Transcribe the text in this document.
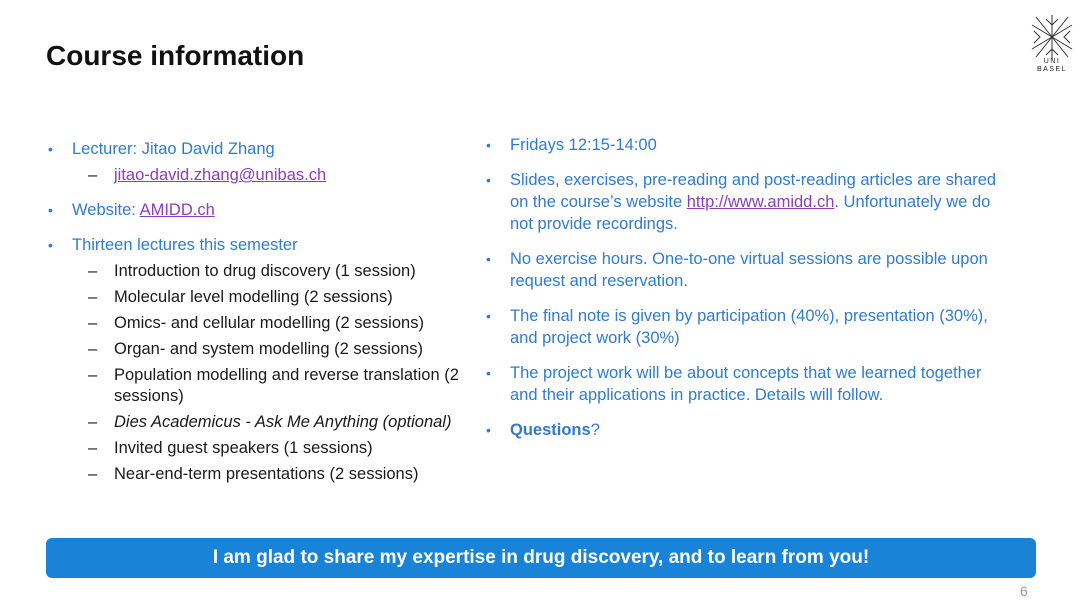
Course information	UNI
BASEL
• Lecturer: Jitao David Zhang
– jitao-david.zhang@unibas.ch
• Website: AMIDD.ch
• Thirteen lectures this semester
– Introduction to drug discovery (1 session)
– Molecular level modelling (2 sessions)
– Omics- and cellular modelling (2 sessions)
– Organ- and system modelling (2 sessions)
– Population modelling and reverse translation (2 sessions)
– Dies Academicus - Ask Me Anything (optional)
– Invited guest speakers (1 sessions)
– Near-end-term presentations (2 sessions)
• Fridays 12:15-14:00
• Slides, exercises, pre-reading and post-reading articles are shared on the course’s website http://www.amidd.ch. Unfortunately we do not provide recordings.
• No exercise hours. One-to-one virtual sessions are possible upon request and reservation.
• The final note is given by participation (40%), presentation (30%), and project work (30%)
• The project work will be about concepts that we learned together and their applications in practice. Details will follow.
• Questions?
I am glad to share my expertise in drug discovery, and to learn from you!
6
